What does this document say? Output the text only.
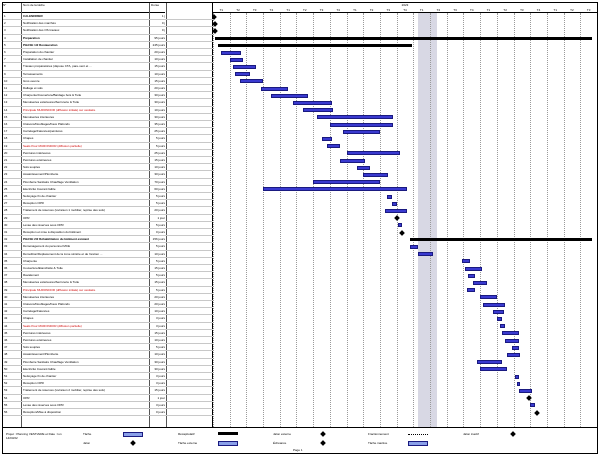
N°	Nom de la tâche	Durée	2023
1	CALENDRIER	1 j
2	Notification des marchés	0 j
3	Notification des OS travaux	0 j
4	Préparation	95 jours
5	PHASE 1/2 Restauration	245 jours
6	Préparation du chantier	20 jours
7	Installation de chantier	10 jours
8	Travaux préparatoires (dépose CTA, pare-vent et ...	15 jours
9	Terrassements	10 jours
10	Gros oeuvre	15 jours
11	Dallage et sols	20 jours
12	Charpente/Couverture/Bardage bois & Tuile	30 jours
13	Menuiseries extérieures/Serrurerie & Tuile	30 jours
14	Principale MURONDOR (diffusion initiale) sur vestiaire	10 jours
15	Menuiseries intérieures	30 jours
16	Cloisons/Doublages/Faux Plafonds	35 jours
17	Carrelage/Faïences/peintures	25 jours
18	Chapes	5 jours
19	Seals Pour MURONDOR (diffusion partielle)	5 jours
20	Peintures intérieures	25 jours
21	Peintures extérieures	15 jours
22	Sols souples	10 jours
23	Assainissement/Plomberie	30 jours
24	Plomberie Sanitaire Chauffage Ventilation	70 jours
25	Electricité Courant faible	60 jours
26	Nettoyage fin de chantier	5 jours
27	Réception OPR	5 jours
28	Traitement de réserves (Livraison 1 mobilier, reprise des sols)	20 jours
29	OPR	1 jour
30	Levée des réserves sous OPR	5 jours
31	Réception et mise à disposition du bâtiment	0 jours
32	PHASE 2/2 Réhabilitation du bâtiment existant	156 jours
33	Déménagement du personnel MCE	5 jours
34	Démolition/Déplacement de la zone sinistre et de l'ancien ...	10 jours
35	Charpente	5 jours
36	Couverture/Etanchéité & Tuile	15 jours
37	Ravalement	5 jours
38	Menuiseries extérieures/Serrurerie & Tuile	15 jours
39	Principale MURONDOR (diffusion initiale) sur vestiaire	5 jours
40	Menuiseries intérieures	20 jours
41	Cloisons/Doublages/Faux Plafonds	20 jours
42	Carrelage/Faïences	10 jours
43	Chapes	3 jours
44	Seals Pour MURONDOR (diffusion partielle)	3 jours
45	Peintures intérieures	15 jours
46	Peintures extérieures	10 jours
47	Sols souples	5 jours
48	Assainissement/Plomberie	10 jours
49	Plomberie Sanitaire Chauffage Ventilation	30 jours
50	Electricité Courant faible	30 jours
51	Nettoyage fin de chantier	3 jours
52	Réception OPR	3 jours
53	Traitement de réserves (Livraison 2 mobilier, reprise des sols)	15 jours
54	OPR	1 jour
55	Levée des réserves sous OPR	3 jours
56	Réception/Mise à disposition	0 jours
T1	T2	T3	T4	T1	T2	T3	T4	T1	T2	T3	T4	T1	T2	T3	T4	T1	T2	T3	T4	T1	T2	T3
Projet : Planning VESTIAIRE et Date : lun 14/03/22
Tâche
Jalon
Récapitulatif
Tâche externe
Jalon externe
Échéance
Fractionnement
Tâche inactive
Jalon inactif
Page 1
